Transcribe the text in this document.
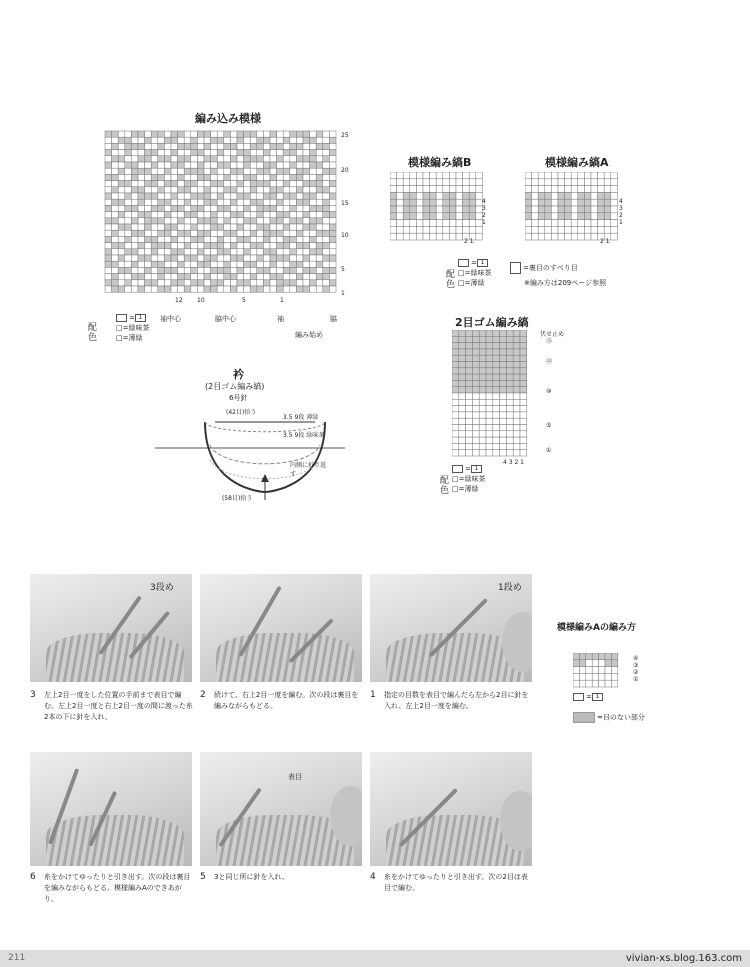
編み込み模様
12 10	5	1
25
20
15
10
5
1
袖中心	脇中心	袖	脇
編み始め
= 1
配色
□=緑味茶
□=薄緑
模様編み縞B
4
3
2
1
2 1
模様編み縞A
4
3
2
1
2 1
= 1
配色
□=緑味茶
□=薄緑
=裏目のすべり目
※編み方は209ページ参照
2目ゴム編み縞
伏せ止め
⑮
⑫
⑩
⑤
①
4 3 2 1
= 1
配色
□=緑味茶
□=薄緑
衿
(2目ゴム編み縞)
6号針
(42目)拾う
3.5 9段 薄緑
3.5 9段 緑味茶
内側に折り返す
(58目)拾う
3段め	1段め
3 左上2目一度をした位置の手前まで表目で編む。左上2目一度と右上2目一度の間に渡った糸2本の下に針を入れ、
2 続けて、右上2目一度を編む。次の段は裏目を編みながらもどる。
1 指定の目数を表目で編んだら左から2目に針を入れ、左上2目一度を編む。
表目
6 糸をかけてゆったりと引き出す。次の段は裏目を編みながらもどる。模様編みAのできあがり。
5 3と同じ所に針を入れ、	4 糸をかけてゆったりと引き出す。次の2目は表目で編む。
模様編みAの編み方
④
③
②
①
= 1
=目のない部分
211	vivian-xs.blog.163.com
